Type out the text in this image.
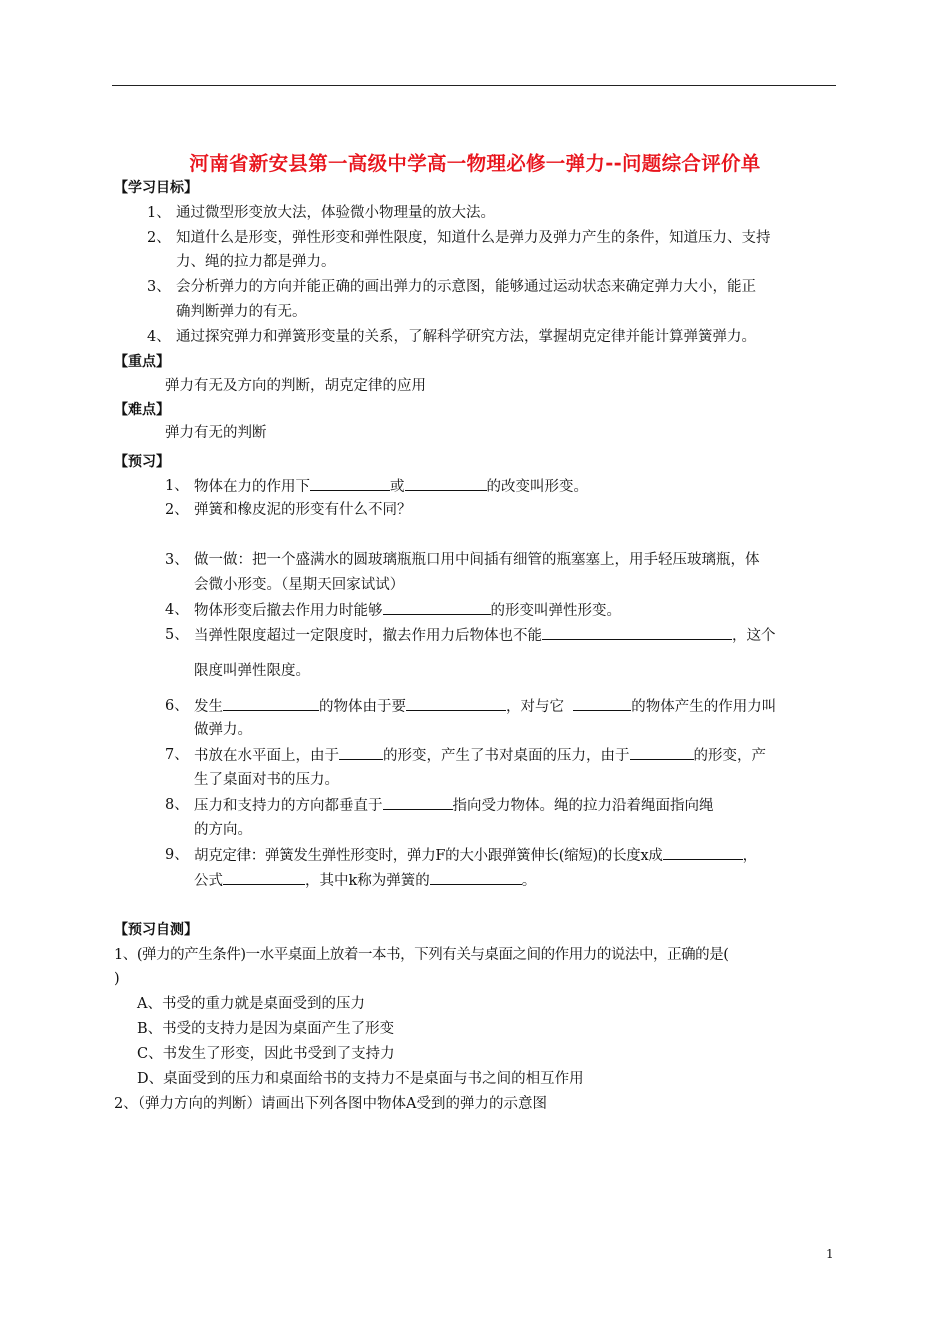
河南省新安县第一高级中学高一物理必修一弹力--问题综合评价单
【学习目标】
1、 通过微型形变放大法，体验微小物理量的放大法。
2、 知道什么是形变，弹性形变和弹性限度，知道什么是弹力及弹力产生的条件，知道压力、支持
力、绳的拉力都是弹力。
3、 会分析弹力的方向并能正确的画出弹力的示意图，能够通过运动状态来确定弹力大小，能正
确判断弹力的有无。
4、 通过探究弹力和弹簧形变量的关系，了解科学研究方法，掌握胡克定律并能计算弹簧弹力。
【重点】
弹力有无及方向的判断，胡克定律的应用
【难点】
弹力有无的判断
【预习】
1、 物体在力的作用下	或	的改变叫形变。
2、 弹簧和橡皮泥的形变有什么不同？
3、 做一做：把一个盛满水的圆玻璃瓶瓶口用中间插有细管的瓶塞塞上，用手轻压玻璃瓶，体
会微小形变。（星期天回家试试）
4、 物体形变后撤去作用力时能够	的形变叫弹性形变。
5、 当弹性限度超过一定限度时，撤去作用力后物体也不能	，这个
限度叫弹性限度。
6、 发生	的物体由于要	，对与它	的物体产生的作用力叫
做弹力。
7、 书放在水平面上，由于	的形变，产生了书对桌面的压力，由于	的形变，产
生了桌面对书的压力。
8、 压力和支持力的方向都垂直于	指向受力物体。绳的拉力沿着绳面指向绳
的方向。
9、 胡克定律：弹簧发生弹性形变时，弹力F的大小跟弹簧伸长(缩短)的长度x成	，
公式	，其中k称为弹簧的	。
【预习自测】
1、(弹力的产生条件)一水平桌面上放着一本书，下列有关与桌面之间的作用力的说法中，正确的是(
)
A、书受的重力就是桌面受到的压力
B、书受的支持力是因为桌面产生了形变
C、书发生了形变，因此书受到了支持力
D、桌面受到的压力和桌面给书的支持力不是桌面与书之间的相互作用
2、（弹力方向的判断）请画出下列各图中物体A受到的弹力的示意图
1
